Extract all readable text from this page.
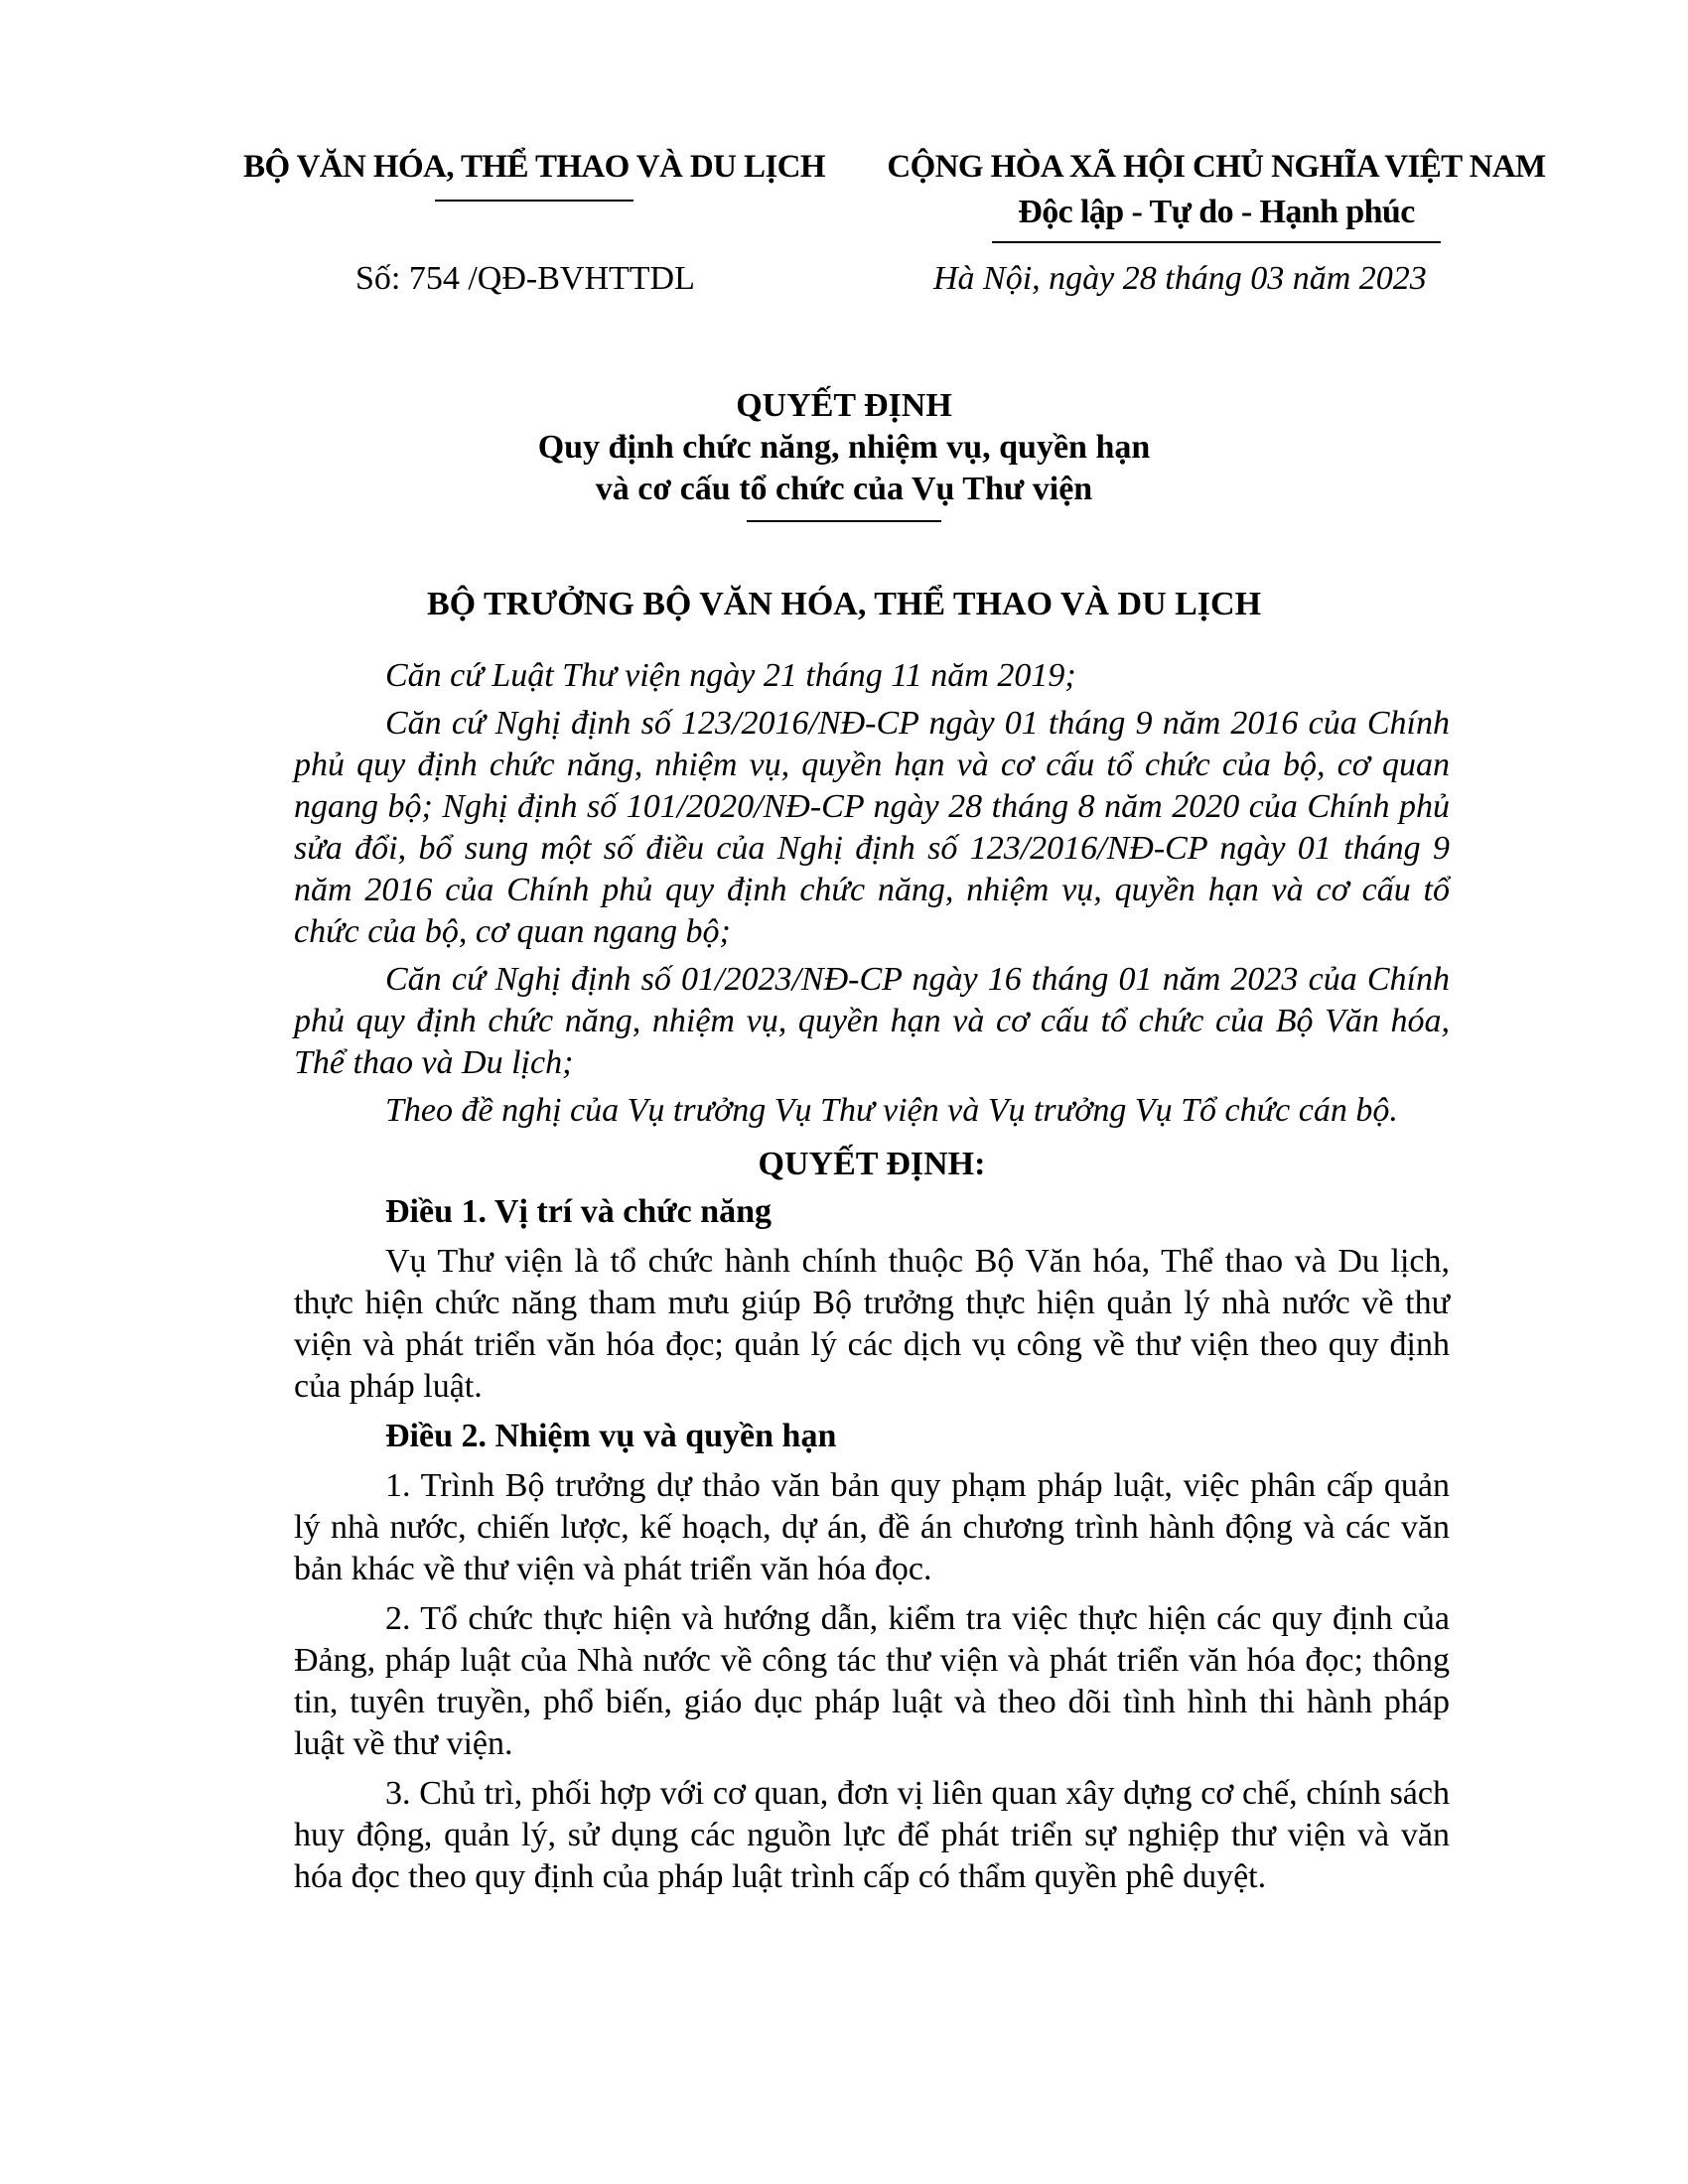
BỘ VĂN HÓA, THỂ THAO VÀ DU LỊCH	CỘNG HÒA XÃ HỘI CHỦ NGHĨA VIỆT NAM
Độc lập - Tự do - Hạnh phúc
Số: 754 /QĐ-BVHTTDL	Hà Nội, ngày 28 tháng 03 năm 2023
QUYẾT ĐỊNH
Quy định chức năng, nhiệm vụ, quyền hạn
và cơ cấu tổ chức của Vụ Thư viện
BỘ TRƯỞNG BỘ VĂN HÓA, THỂ THAO VÀ DU LỊCH

Căn cứ Luật Thư viện ngày 21 tháng 11 năm 2019;

Căn cứ Nghị định số 123/2016/NĐ-CP ngày 01 tháng 9 năm 2016 của Chính phủ quy định chức năng, nhiệm vụ, quyền hạn và cơ cấu tổ chức của bộ, cơ quan ngang bộ; Nghị định số 101/2020/NĐ-CP ngày 28 tháng 8 năm 2020 của Chính phủ sửa đổi, bổ sung một số điều của Nghị định số 123/2016/NĐ-CP ngày 01 tháng 9 năm 2016 của Chính phủ quy định chức năng, nhiệm vụ, quyền hạn và cơ cấu tổ chức của bộ, cơ quan ngang bộ;

Căn cứ Nghị định số 01/2023/NĐ-CP ngày 16 tháng 01 năm 2023 của Chính phủ quy định chức năng, nhiệm vụ, quyền hạn và cơ cấu tổ chức của Bộ Văn hóa, Thể thao và Du lịch;

Theo đề nghị của Vụ trưởng Vụ Thư viện và Vụ trưởng Vụ Tổ chức cán bộ.

QUYẾT ĐỊNH:

Điều 1. Vị trí và chức năng

Vụ Thư viện là tổ chức hành chính thuộc Bộ Văn hóa, Thể thao và Du lịch, thực hiện chức năng tham mưu giúp Bộ trưởng thực hiện quản lý nhà nước về thư viện và phát triển văn hóa đọc; quản lý các dịch vụ công về thư viện theo quy định của pháp luật.

Điều 2. Nhiệm vụ và quyền hạn

1. Trình Bộ trưởng dự thảo văn bản quy phạm pháp luật, việc phân cấp quản lý nhà nước, chiến lược, kế hoạch, dự án, đề án chương trình hành động và các văn bản khác về thư viện và phát triển văn hóa đọc.

2. Tổ chức thực hiện và hướng dẫn, kiểm tra việc thực hiện các quy định của Đảng, pháp luật của Nhà nước về công tác thư viện và phát triển văn hóa đọc; thông tin, tuyên truyền, phổ biến, giáo dục pháp luật và theo dõi tình hình thi hành pháp luật về thư viện.

3. Chủ trì, phối hợp với cơ quan, đơn vị liên quan xây dựng cơ chế, chính sách huy động, quản lý, sử dụng các nguồn lực để phát triển sự nghiệp thư viện và văn hóa đọc theo quy định của pháp luật trình cấp có thẩm quyền phê duyệt.
